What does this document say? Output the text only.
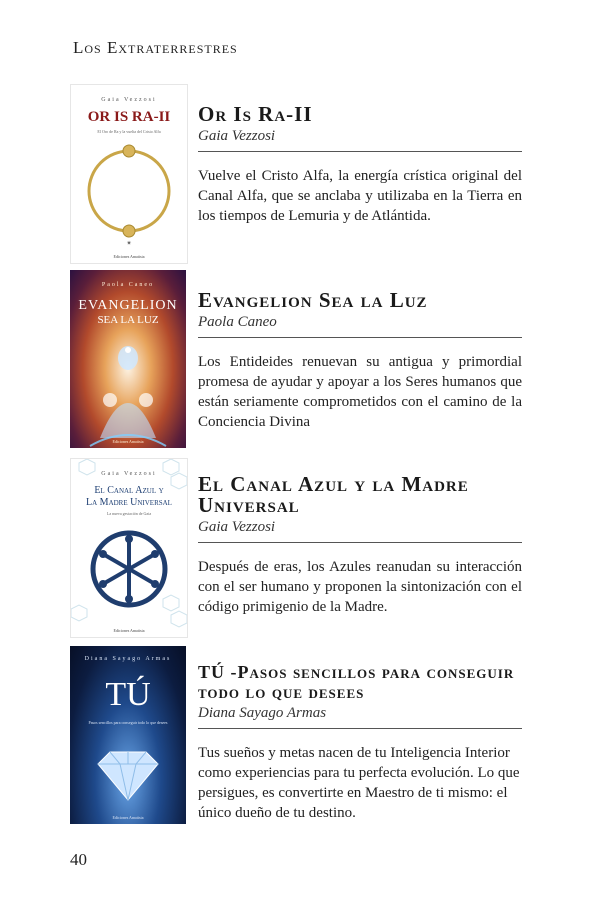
Los Extraterrestres
Gaia Vezzosi
OR IS RA-II
El Oro de Ra y la vuelta del Cristo Alfa
✷
Ediciones Amatista
Or Is Ra-II
Gaia Vezzosi
Vuelve el Cristo Alfa, la energía crística original del Canal Alfa, que se anclaba y utilizaba en la Tierra en los tiempos de Lemuria y de Atlántida.
Paola Caneo
EVANGELION
SEA LA LUZ
Ediciones Amatista
Evangelion Sea la Luz
Paola Caneo
Los Entideides renuevan su antigua y primordial promesa de ayudar y apoyar a los Seres humanos que están seriamente comprometidos con el camino de la Conciencia Divina
Gaia Vezzosi
El Canal Azul y
La Madre Universal
La nueva gestación de Gaia
Ediciones Amatista
El Canal Azul y la Madre Universal
Gaia Vezzosi
Después de eras, los Azules reanudan su interacción con el ser humano y proponen la sintonización con el código primigenio de la Madre.
Diana Sayago Armas
TÚ
Pasos sencillos para conseguir todo lo que desees
Ediciones Amatista
TÚ -Pasos sencillos para conseguir todo lo que desees
Diana Sayago Armas
Tus sueños y metas nacen de tu Inteligencia Interior como experiencias para tu perfecta evolución. Lo que persigues, es convertirte en Maestro de ti mismo: el único dueño de tu destino.
40
